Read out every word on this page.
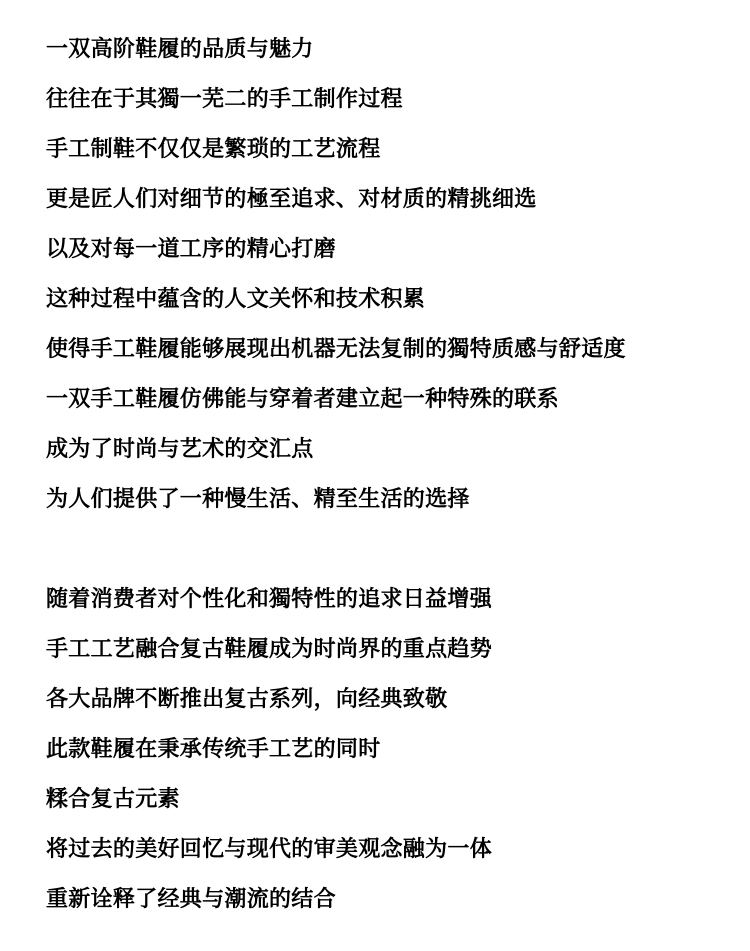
一双高阶鞋履的品质与魅力
往往在于其獨一芜二的手工制作过程
手工制鞋不仅仅是繁琐的工艺流程
更是匠人们对细节的極至追求、对材质的精挑细选
以及对每一道工序的精心打磨
这种过程中蕴含的人文关怀和技术积累
使得手工鞋履能够展现出机器无法复制的獨特质感与舒适度
一双手工鞋履仿佛能与穿着者建立起一种特殊的联系
成为了时尚与艺术的交汇点
为人们提供了一种慢生活、精至生活的选择
随着消费者对个性化和獨特性的追求日益增强
手工工艺融合复古鞋履成为时尚界的重点趋势
各大品牌不断推出复古系列，向经典致敬
此款鞋履在秉承传统手工艺的同时
糅合复古元素
将过去的美好回忆与现代的审美观念融为一体
重新诠释了经典与潮流的结合
